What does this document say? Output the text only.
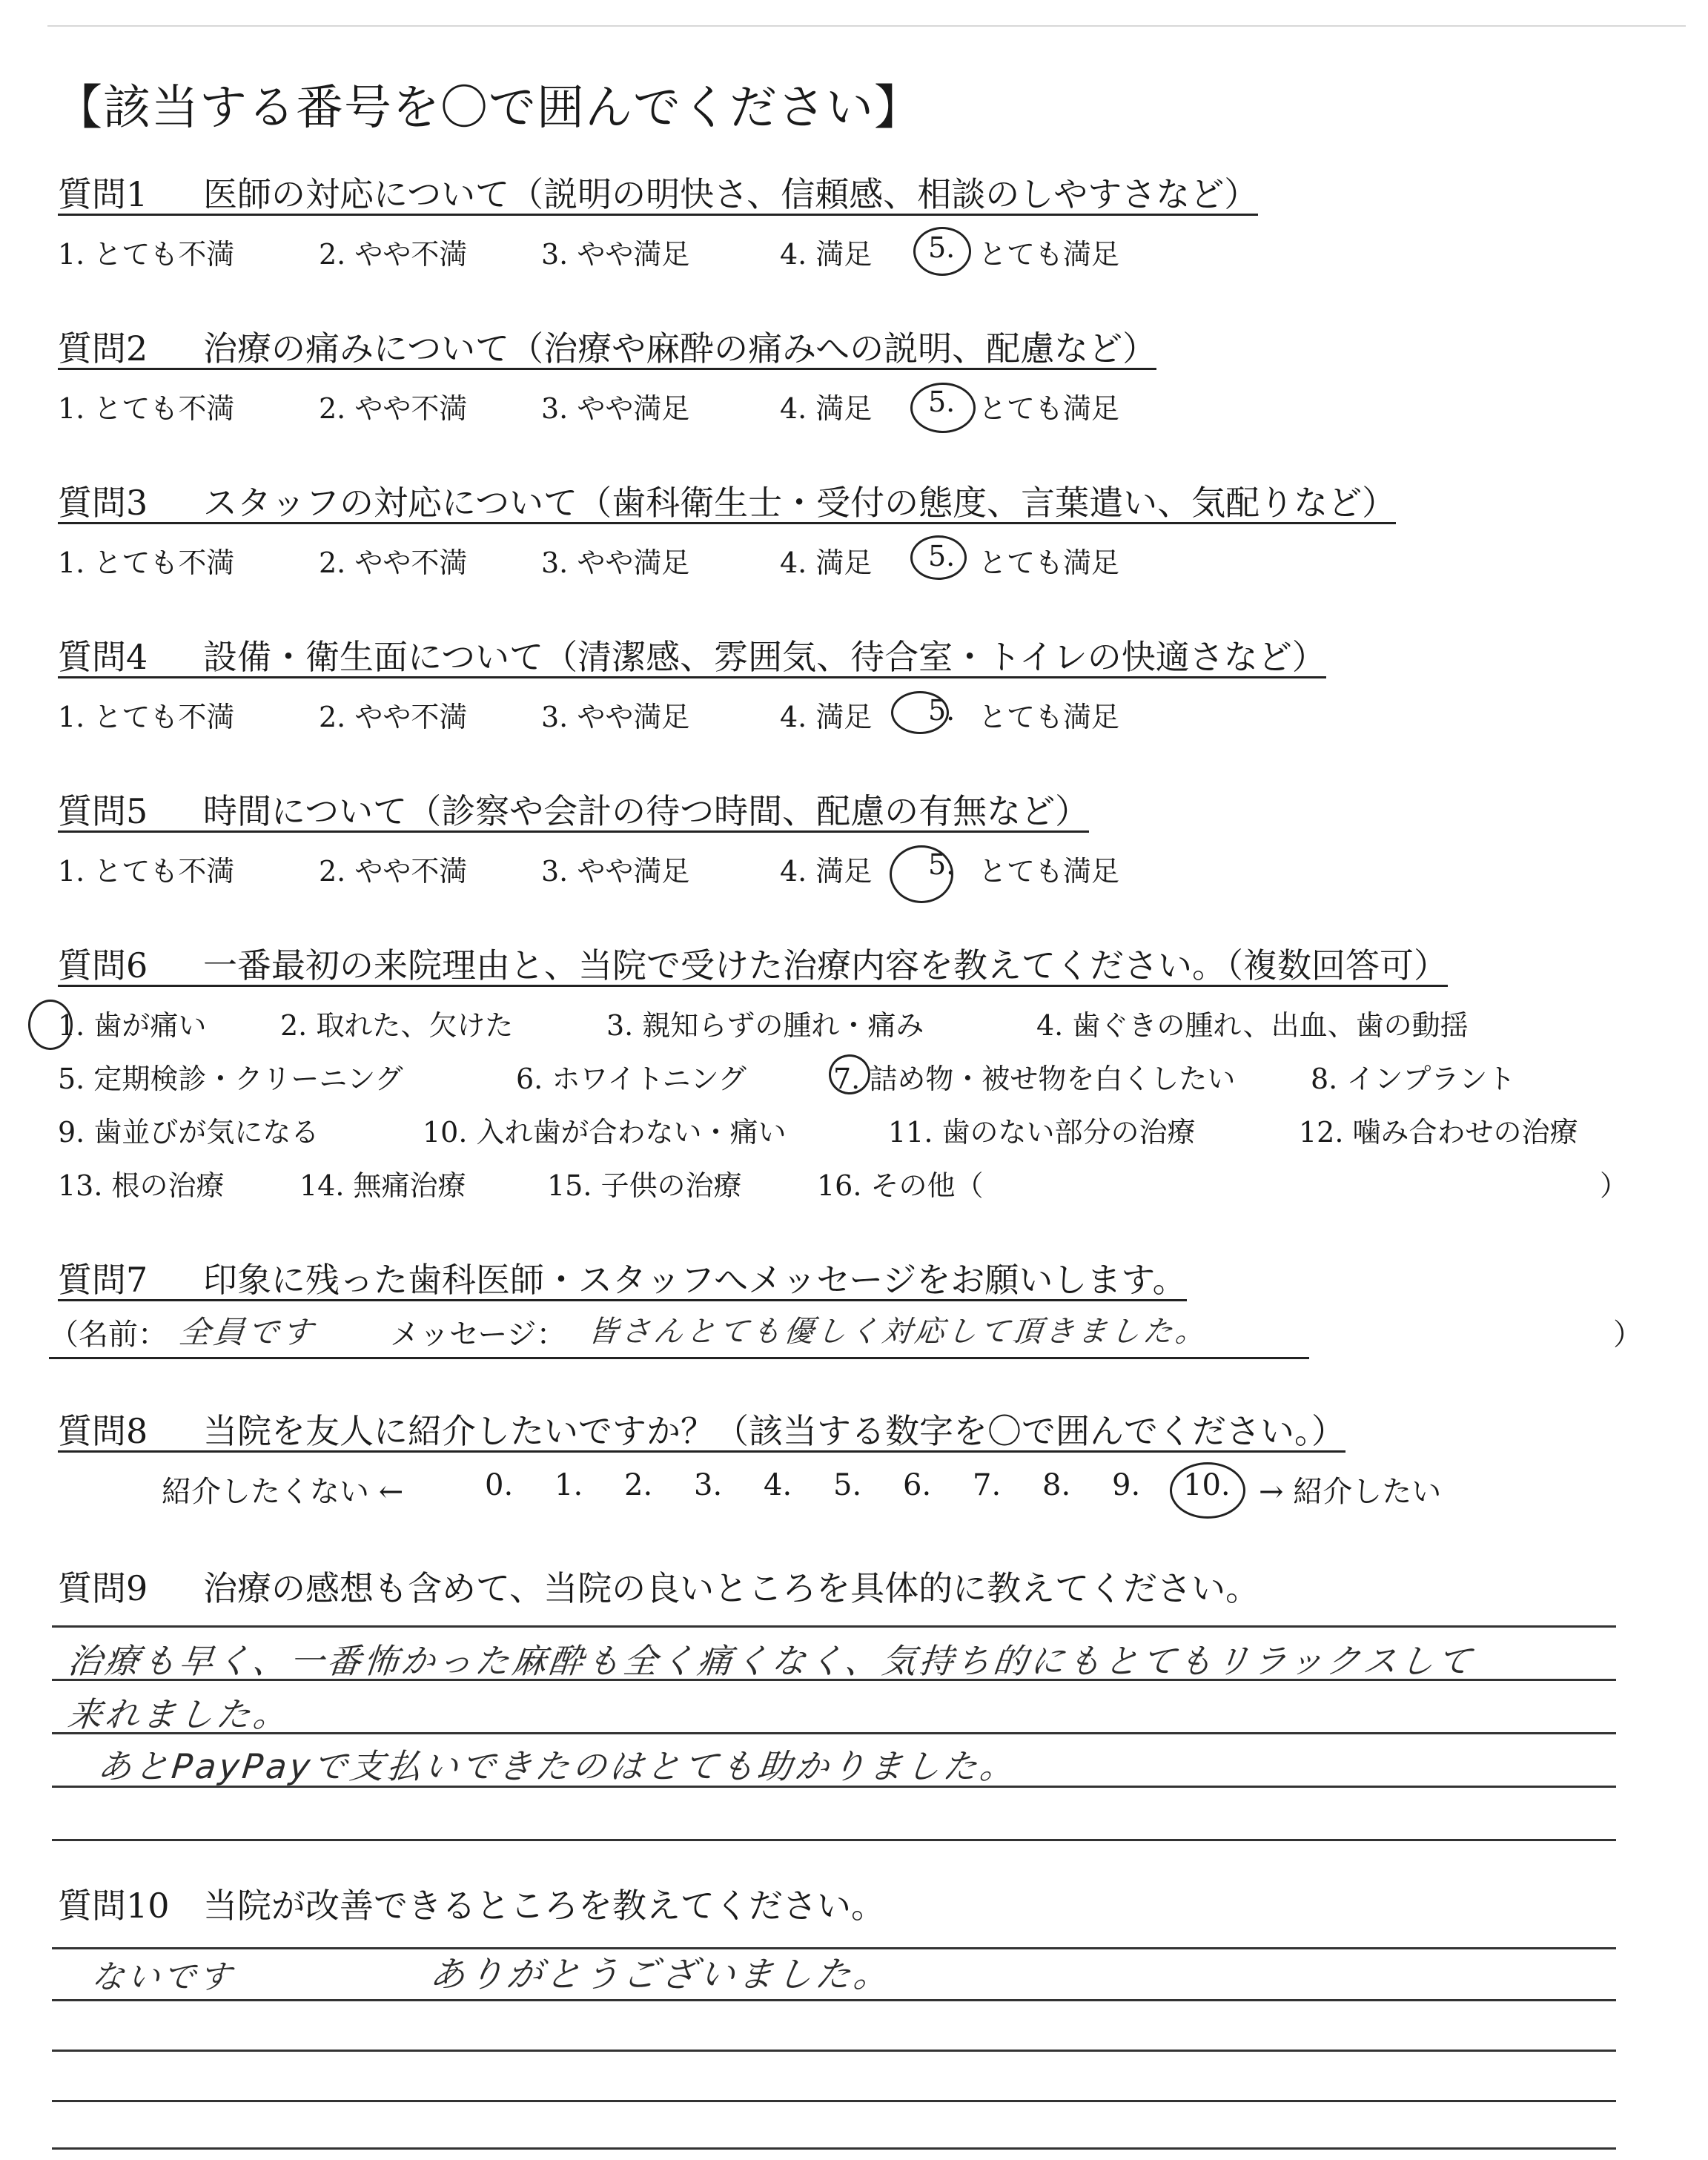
【該当する番号を〇で囲んでください】
質問1 医師の対応について（説明の明快さ、信頼感、相談のしやすさなど）
1. とても不満	2. やや不満	3. やや満足	4. 満足 5. とても満足
質問2 治療の痛みについて（治療や麻酔の痛みへの説明、配慮など）
1. とても不満	2. やや不満	3. やや満足	4. 満足 5. とても満足
質問3 スタッフの対応について（歯科衛生士・受付の態度、言葉遣い、気配りなど）
1. とても不満	2. やや不満	3. やや満足	4. 満足 5. とても満足
質問4 設備・衛生面について（清潔感、雰囲気、待合室・トイレの快適さなど）
1. とても不満	2. やや不満	3. やや満足	4. 満足 5. とても満足
質問5 時間について（診察や会計の待つ時間、配慮の有無など）
1. とても不満	2. やや不満	3. やや満足	4. 満足 5. とても満足
質問6 一番最初の来院理由と、当院で受けた治療内容を教えてください。（複数回答可）
1. 歯が痛い	2. 取れた、欠けた	3. 親知らずの腫れ・痛み	4. 歯ぐきの腫れ、出血、歯の動揺
5. 定期検診・クリーニング	6. ホワイトニング	7. 詰め物・被せ物を白くしたい	8. インプラント
9. 歯並びが気になる	10. 入れ歯が合わない・痛い	11. 歯のない部分の治療	12. 噛み合わせの治療
13. 根の治療	14. 無痛治療	15. 子供の治療	16. その他（	）
質問7 印象に残った歯科医師・スタッフへメッセージをお願いします。
（名前： 全員です メッセージ： 皆さんとても優しく対応して頂きました。	）
質問8 当院を友人に紹介したいですか？（該当する数字を〇で囲んでください。）
紹介したくない ←	0. 1. 2. 3. 4. 5. 6. 7. 8. 9. 10. → 紹介したい
質問9 治療の感想も含めて、当院の良いところを具体的に教えてください。
治療も早く、一番怖かった麻酔も全く痛くなく、気持ち的にもとてもリラックスして
来れました。
あとPayPayで支払いできたのはとても助かりました。
質問10 当院が改善できるところを教えてください。
ないです	ありがとうございました。
